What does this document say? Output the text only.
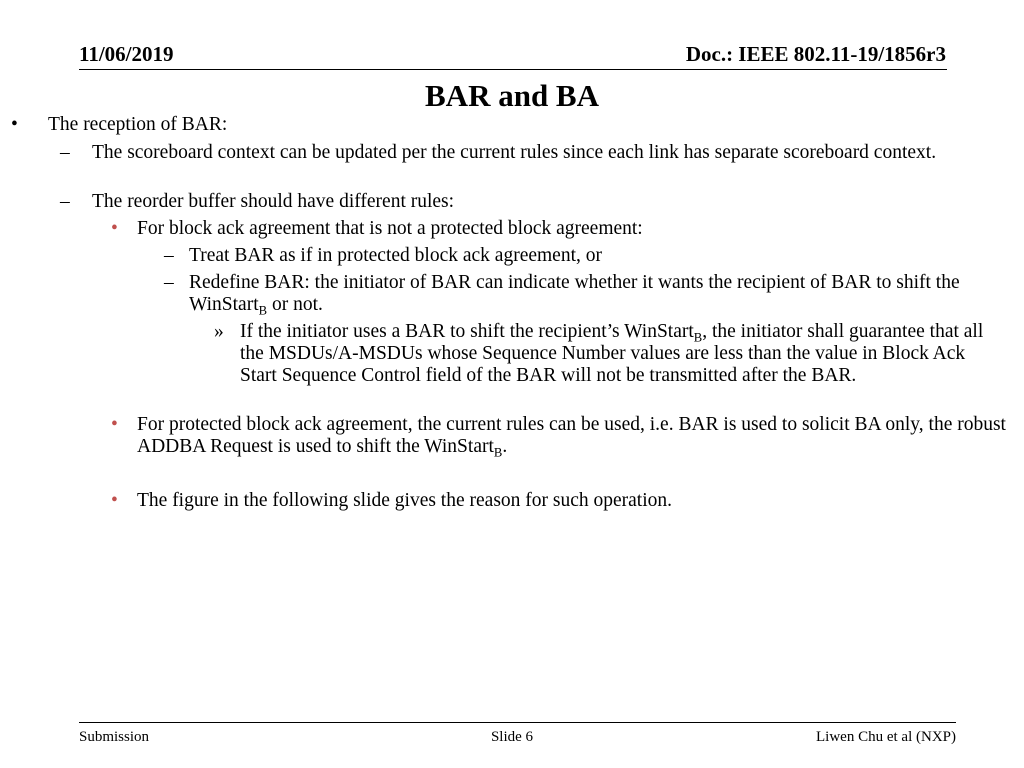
11/06/2019	Doc.: IEEE 802.11-19/1856r3
BAR and BA
• The reception of BAR:
– The scoreboard context can be updated per the current rules since each link has separate scoreboard context.
– The reorder buffer should have different rules:
• For block ack agreement that is not a protected block agreement:
– Treat BAR as if in protected block ack agreement, or
– Redefine BAR: the initiator of BAR can indicate whether it wants the recipient of BAR to shift the WinStart$_B$ or not.
» If the initiator uses a BAR to shift the recipient’s WinStart$_B$, the initiator shall guarantee that all the MSDUs/A-MSDUs whose Sequence Number values are less than the value in Block Ack Start Sequence Control field of the BAR will not be transmitted after the BAR.
• For protected block ack agreement, the current rules can be used, i.e. BAR is used to solicit BA only, the robust ADDBA Request is used to shift the WinStart$_B$.
• The figure in the following slide gives the reason for such operation.
Submission	Slide 6	Liwen Chu et al (NXP)
